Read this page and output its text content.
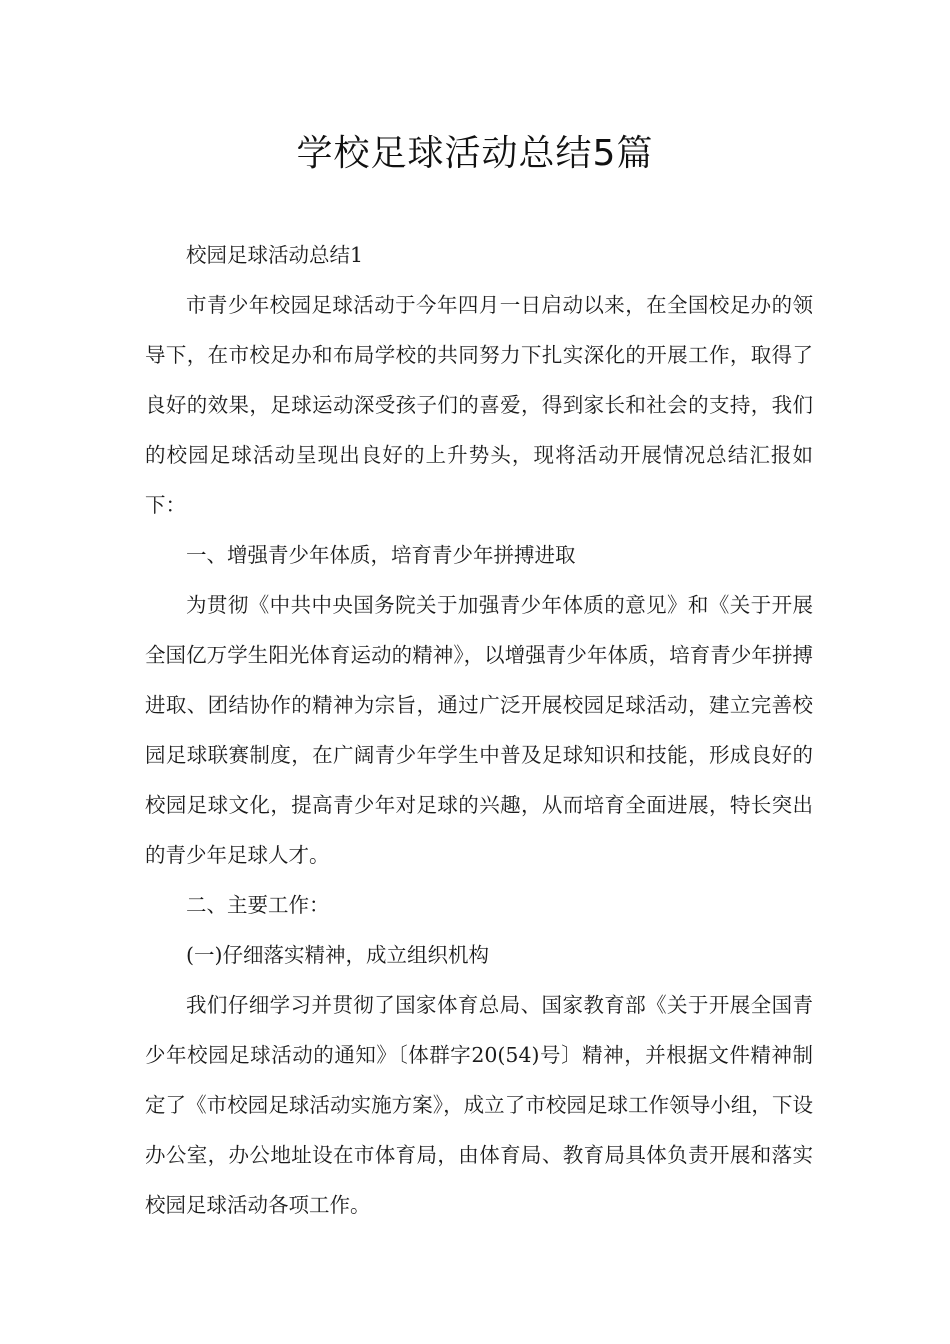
学校足球活动总结5篇

校园足球活动总结1

市青少年校园足球活动于今年四月一日启动以来，在全国校足办的领导下，在市校足办和布局学校的共同努力下扎实深化的开展工作，取得了良好的效果，足球运动深受孩子们的喜爱，得到家长和社会的支持，我们的校园足球活动呈现出良好的上升势头，现将活动开展情况总结汇报如下：

一、增强青少年体质，培育青少年拼搏进取

为贯彻《中共中央国务院关于加强青少年体质的意见》和《关于开展全国亿万学生阳光体育运动的精神》，以增强青少年体质，培育青少年拼搏进取、团结协作的精神为宗旨，通过广泛开展校园足球活动，建立完善校园足球联赛制度，在广阔青少年学生中普及足球知识和技能，形成良好的校园足球文化，提高青少年对足球的兴趣，从而培育全面进展，特长突出的青少年足球人才。

二、主要工作：

(一)仔细落实精神，成立组织机构

我们仔细学习并贯彻了国家体育总局、国家教育部《关于开展全国青少年校园足球活动的通知》〔体群字20(54)号〕精神，并根据文件精神制定了《市校园足球活动实施方案》，成立了市校园足球工作领导小组，下设办公室，办公地址设在市体育局，由体育局、教育局具体负责开展和落实校园足球活动各项工作。
